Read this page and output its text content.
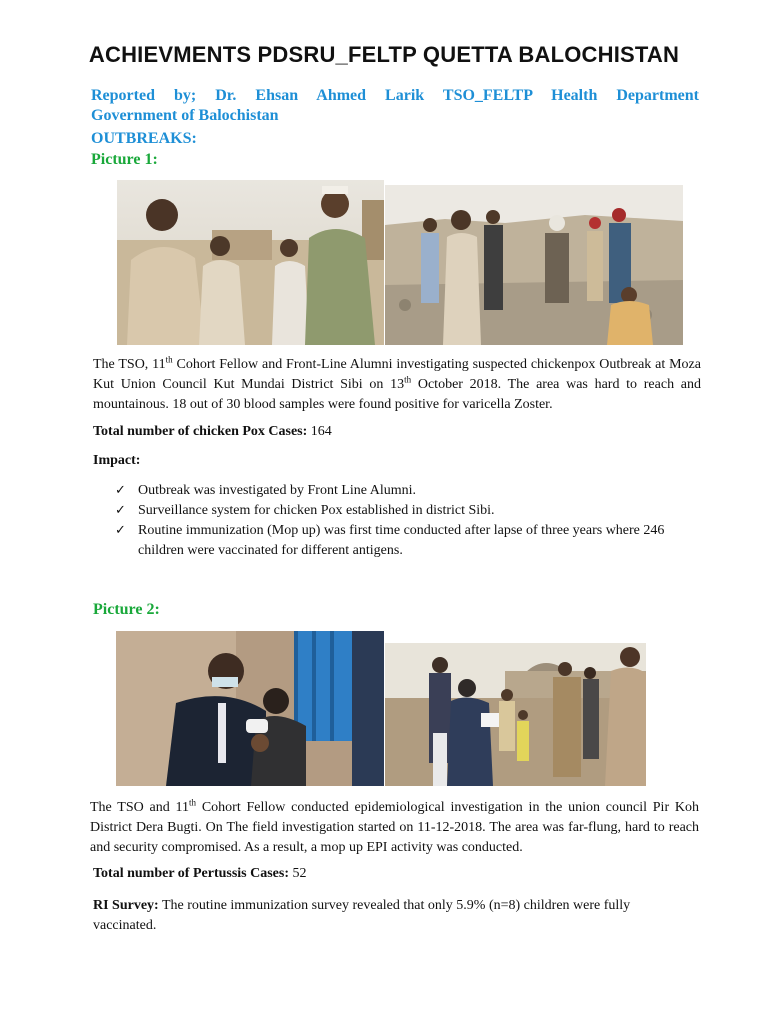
ACHIEVMENTS PDSRU_FELTP QUETTA BALOCHISTAN
Reported by; Dr. Ehsan Ahmed Larik TSO_FELTP Health Department
Government of Balochistan
OUTBREAKS:
Picture 1:
The TSO, 11th Cohort Fellow and Front-Line Alumni investigating suspected chickenpox Outbreak at Moza Kut Union Council Kut Mundai District Sibi on 13th October 2018. The area was hard to reach and mountainous. 18 out of 30 blood samples were found positive for varicella Zoster.
Total number of chicken Pox Cases: 164
Impact:
✓ Outbreak was investigated by Front Line Alumni.
✓ Surveillance system for chicken Pox established in district Sibi.
✓ Routine immunization (Mop up) was first time conducted after lapse of three years where 246 children were vaccinated for different antigens.
Picture 2:
The TSO and 11th Cohort Fellow conducted epidemiological investigation in the union council Pir Koh District Dera Bugti. On The field investigation started on 11-12-2018. The area was far-flung, hard to reach and security compromised. As a result, a mop up EPI activity was conducted.
Total number of Pertussis Cases: 52
RI Survey: The routine immunization survey revealed that only 5.9% (n=8) children were fully vaccinated.
